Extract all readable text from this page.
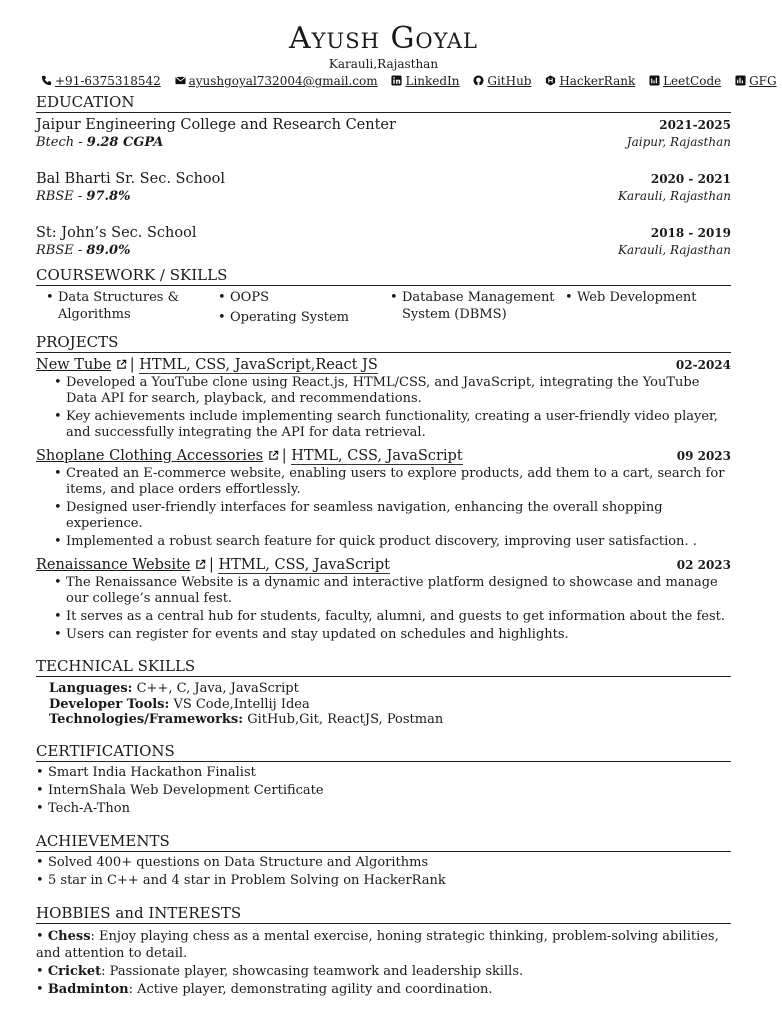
Ayush Goyal
Karauli,Rajasthan
+91-6375318542 ayushgoyal732004@gmail.com LinkedIn GitHub HackerRank LeetCode GFG
EDUCATION
Jaipur Engineering College and Research Center	2021-2025
Btech - 9.28 CGPA	Jaipur, Rajasthan
Bal Bharti Sr. Sec. School	2020 - 2021
RBSE - 97.8%	Karauli, Rajasthan
St: John’s Sec. School	2018 - 2019
RBSE - 89.0%	Karauli, Rajasthan
COURSEWORK / SKILLS
• Data Structures & Algorithms
• OOPS
• Operating System
• Database Management System (DBMS)
• Web Development
PROJECTS
New Tube | HTML, CSS, JavaScript,React JS	02-2024
• Developed a YouTube clone using React.js, HTML/CSS, and JavaScript, integrating the YouTube Data API for search, playback, and recommendations.
• Key achievements include implementing search functionality, creating a user-friendly video player, and successfully integrating the API for data retrieval.
Shoplane Clothing Accessories | HTML, CSS, JavaScript	09 2023
• Created an E-commerce website, enabling users to explore products, add them to a cart, search for items, and place orders effortlessly.
• Designed user-friendly interfaces for seamless navigation, enhancing the overall shopping experience.
• Implemented a robust search feature for quick product discovery, improving user satisfaction. .
Renaissance Website | HTML, CSS, JavaScript	02 2023
• The Renaissance Website is a dynamic and interactive platform designed to showcase and manage our college’s annual fest.
• It serves as a central hub for students, faculty, alumni, and guests to get information about the fest.
• Users can register for events and stay updated on schedules and highlights.
TECHNICAL SKILLS
Languages: C++, C, Java, JavaScript
Developer Tools: VS Code,Intellij Idea
Technologies/Frameworks: GitHub,Git, ReactJS, Postman
CERTIFICATIONS
• Smart India Hackathon Finalist
• InternShala Web Development Certificate
• Tech-A-Thon
ACHIEVEMENTS
• Solved 400+ questions on Data Structure and Algorithms
• 5 star in C++ and 4 star in Problem Solving on HackerRank
HOBBIES and INTERESTS
• Chess: Enjoy playing chess as a mental exercise, honing strategic thinking, problem-solving abilities, and attention to detail.
• Cricket: Passionate player, showcasing teamwork and leadership skills.
• Badminton: Active player, demonstrating agility and coordination.
